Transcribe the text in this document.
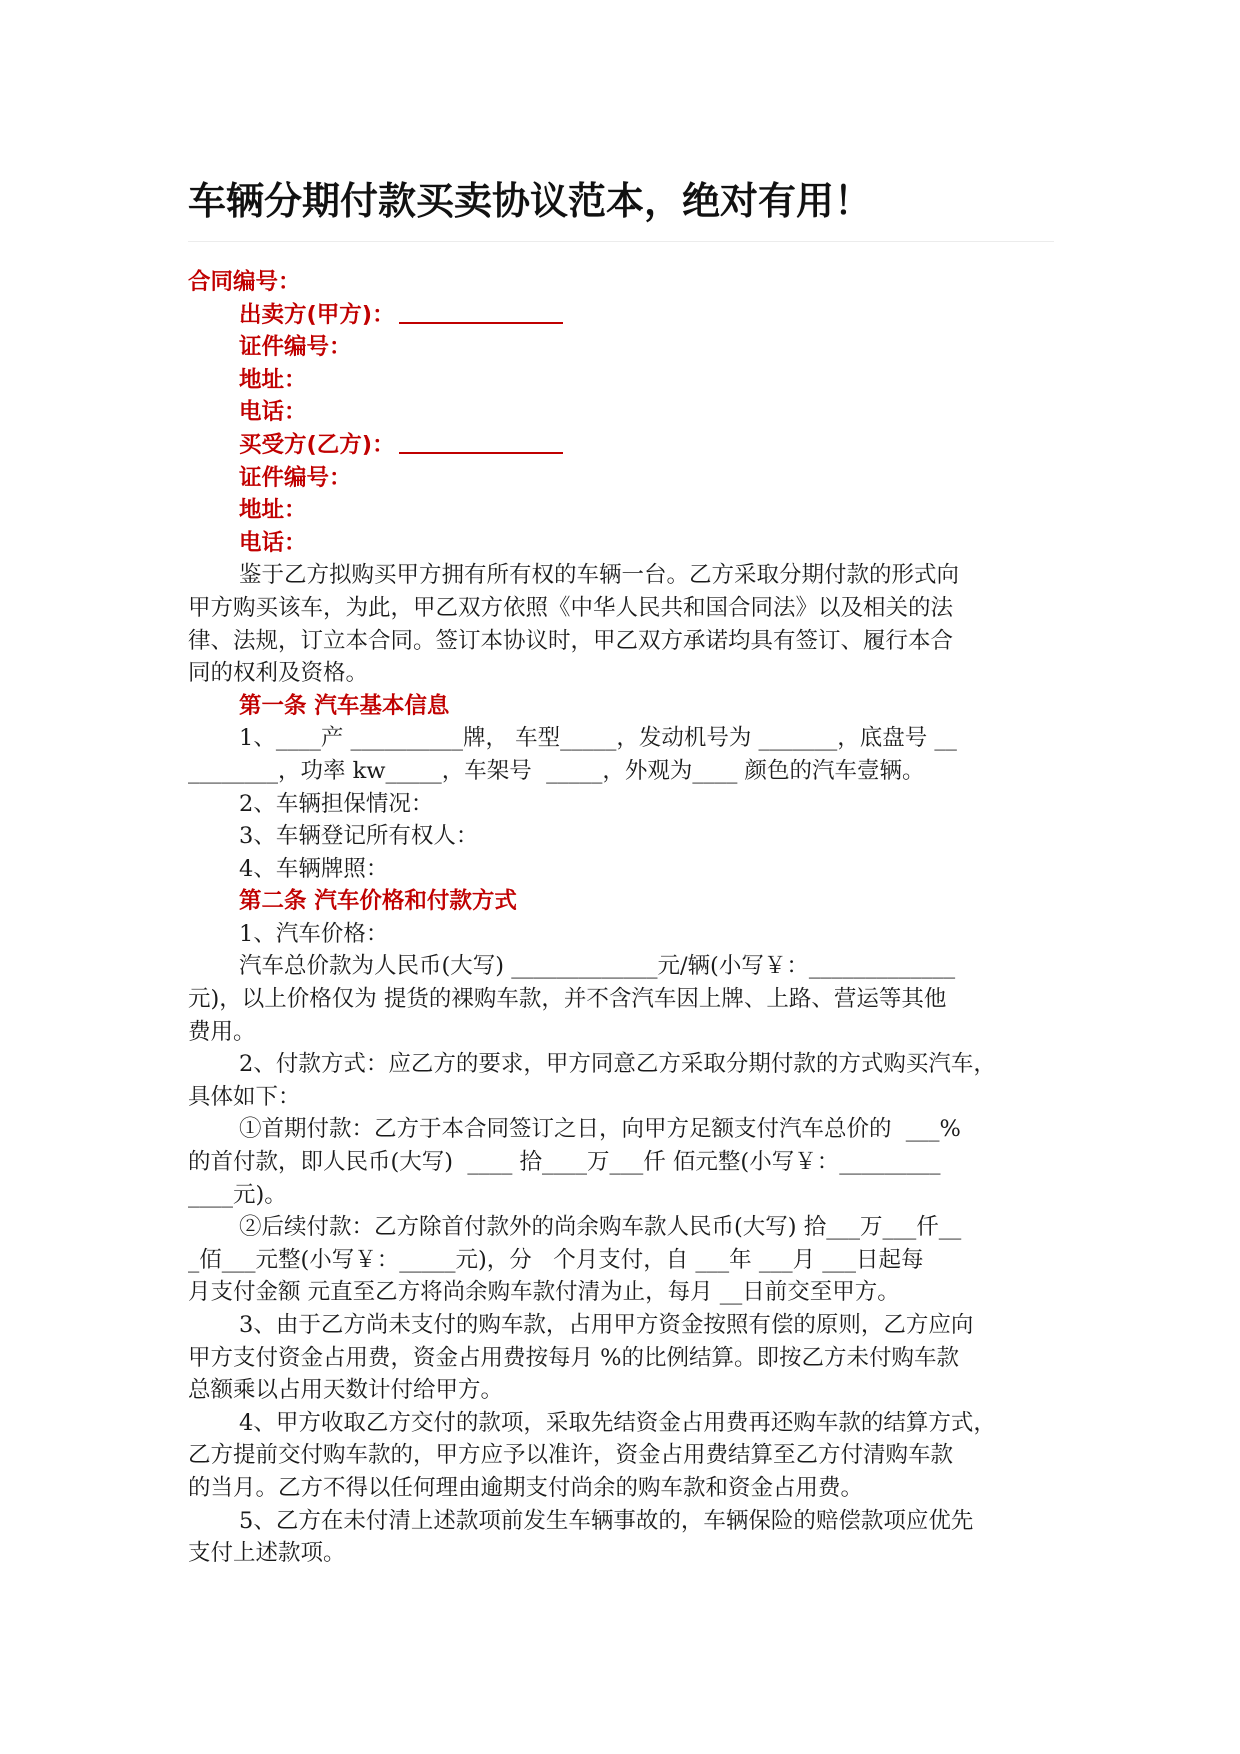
车辆分期付款买卖协议范本，绝对有用！
合同编号：
出卖方(甲方)：
证件编号：
地址：
电话：
买受方(乙方)：
证件编号：
地址：
电话：
鉴于乙方拟购买甲方拥有所有权的车辆一台。乙方采取分期付款的形式向
甲方购买该车，为此，甲乙双方依照《中华人民共和国合同法》以及相关的法
律、法规，订立本合同。签订本协议时，甲乙双方承诺均具有签订、履行本合
同的权利及资格。
第一条 汽车基本信息
1、____产 __________牌， 车型_____，发动机号为 _______，底盘号 __
________，功率 kw_____，车架号  _____，外观为____ 颜色的汽车壹辆。
2、车辆担保情况：
3、车辆登记所有权人：
4、车辆牌照：
第二条 汽车价格和付款方式
1、汽车价格：
汽车总价款为人民币(大写) _____________元/辆(小写￥：_____________
元)，以上价格仅为 提货的裸购车款，并不含汽车因上牌、上路、营运等其他
费用。
2、付款方式：应乙方的要求，甲方同意乙方采取分期付款的方式购买汽车，
具体如下：
①首期付款：乙方于本合同签订之日，向甲方足额支付汽车总价的  ___%
的首付款，即人民币(大写)  ____ 拾____万___仟 佰元整(小写￥：_________
____元)。
②后续付款：乙方除首付款外的尚余购车款人民币(大写) 拾___万___仟__
_佰___元整(小写￥：_____元)，分   个月支付，自 ___年 ___月 ___日起每
月支付金额 元直至乙方将尚余购车款付清为止，每月 __日前交至甲方。
3、由于乙方尚未支付的购车款，占用甲方资金按照有偿的原则，乙方应向
甲方支付资金占用费，资金占用费按每月 %的比例结算。即按乙方未付购车款
总额乘以占用天数计付给甲方。
4、甲方收取乙方交付的款项，采取先结资金占用费再还购车款的结算方式，
乙方提前交付购车款的，甲方应予以准许，资金占用费结算至乙方付清购车款
的当月。乙方不得以任何理由逾期支付尚余的购车款和资金占用费。
5、乙方在未付清上述款项前发生车辆事故的，车辆保险的赔偿款项应优先
支付上述款项。
